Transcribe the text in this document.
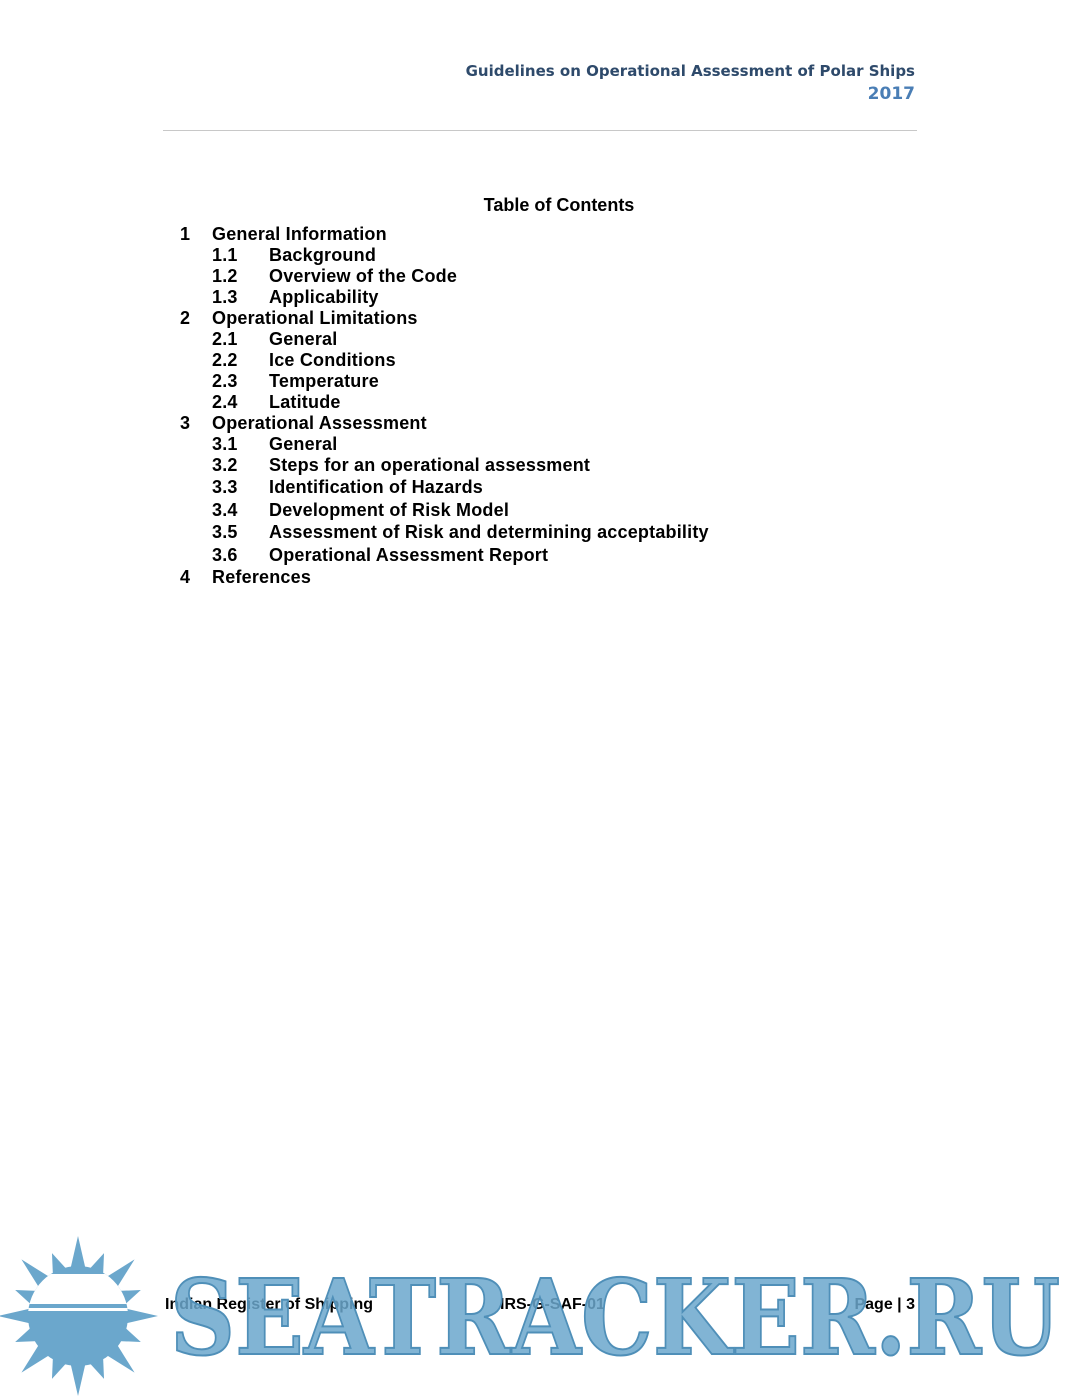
Guidelines on Operational Assessment of Polar Ships
2017
Table of Contents
1	General Information
1.1	Background
1.2	Overview of the Code
1.3	Applicability
2	Operational Limitations
2.1	General
2.2	Ice Conditions
2.3	Temperature
2.4	Latitude
3	Operational Assessment
3.1	General
3.2	Steps for an operational assessment
3.3	Identification of Hazards
3.4	Development of Risk Model
3.5	Assessment of Risk and determining acceptability
3.6	Operational Assessment Report
4	References
Indian Register of Shipping	IRS-G-SAF-01	Page | 3
SEATRACKER.RU
